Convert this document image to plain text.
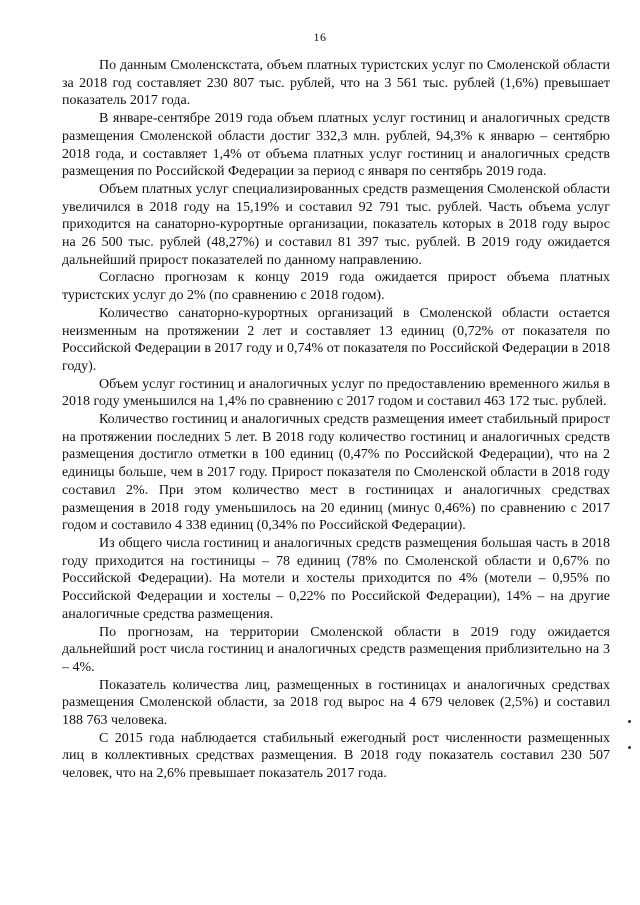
16

По данным Смоленскстата, объем платных туристских услуг по Смоленской области за 2018 год составляет 230 807 тыс. рублей, что на 3 561 тыс. рублей (1,6%) превышает показатель 2017 года.

В январе-сентябре 2019 года объем платных услуг гостиниц и аналогичных средств размещения Смоленской области достиг 332,3 млн. рублей, 94,3% к январю – сентябрю 2018 года, и составляет 1,4% от объема платных услуг гостиниц и аналогичных средств размещения по Российской Федерации за период с января по сентябрь 2019 года.

Объем платных услуг специализированных средств размещения Смоленской области увеличился в 2018 году на 15,19% и составил 92 791 тыс. рублей. Часть объема услуг приходится на санаторно-курортные организации, показатель которых в 2018 году вырос на 26 500 тыс. рублей (48,27%) и составил 81 397 тыс. рублей. В 2019 году ожидается дальнейший прирост показателей по данному направлению.

Согласно прогнозам к концу 2019 года ожидается прирост объема платных туристских услуг до 2% (по сравнению с 2018 годом).

Количество санаторно-курортных организаций в Смоленской области остается неизменным на протяжении 2 лет и составляет 13 единиц (0,72% от показателя по Российской Федерации в 2017 году и 0,74% от показателя по Российской Федерации в 2018 году).

Объем услуг гостиниц и аналогичных услуг по предоставлению временного жилья в 2018 году уменьшился на 1,4% по сравнению с 2017 годом и составил 463 172 тыс. рублей.

Количество гостиниц и аналогичных средств размещения имеет стабильный прирост на протяжении последних 5 лет. В 2018 году количество гостиниц и аналогичных средств размещения достигло отметки в 100 единиц (0,47% по Российской Федерации), что на 2 единицы больше, чем в 2017 году. Прирост показателя по Смоленской области в 2018 году составил 2%. При этом количество мест в гостиницах и аналогичных средствах размещения в 2018 году уменьшилось на 20 единиц (минус 0,46%) по сравнению с 2017 годом и составило 4 338 единиц (0,34% по Российской Федерации).

Из общего числа гостиниц и аналогичных средств размещения большая часть в 2018 году приходится на гостиницы – 78 единиц (78% по Смоленской области и 0,67% по Российской Федерации). На мотели и хостелы приходится по 4% (мотели – 0,95% по Российской Федерации и хостелы – 0,22% по Российской Федерации), 14% – на другие аналогичные средства размещения.

По прогнозам, на территории Смоленской области в 2019 году ожидается дальнейший рост числа гостиниц и аналогичных средств размещения приблизительно на 3 – 4%.

Показатель количества лиц, размещенных в гостиницах и аналогичных средствах размещения Смоленской области, за 2018 год вырос на 4 679 человек (2,5%) и составил 188 763 человека.

С 2015 года наблюдается стабильный ежегодный рост численности размещенных лиц в коллективных средствах размещения. В 2018 году показатель составил 230 507 человек, что на 2,6% превышает показатель 2017 года.
